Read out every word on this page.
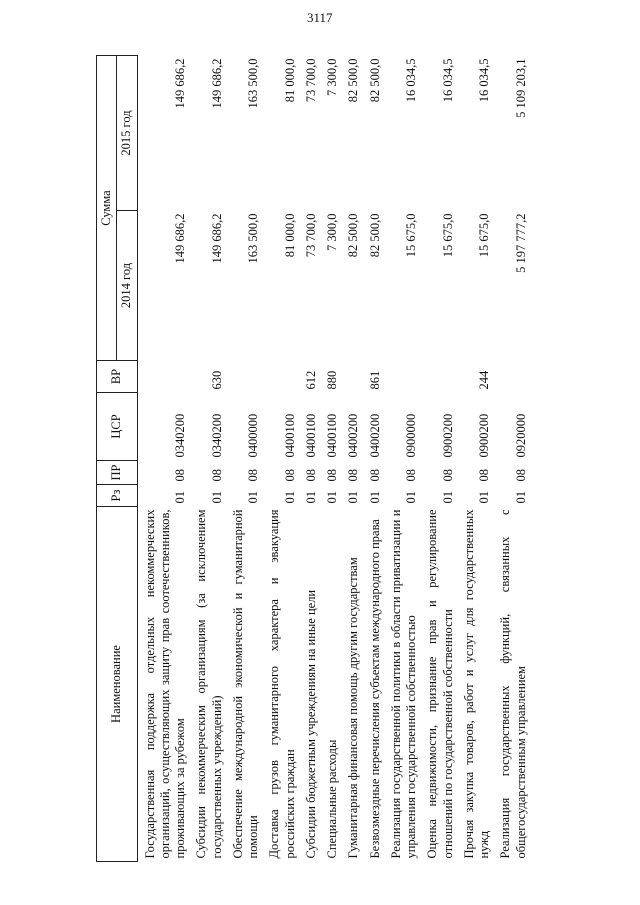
3117
Наименование	Рз	ПР	ЦСР	ВР	Сумма	
					2014 год	2015 год
Государственная поддержка отдельных некоммерческих организаций, осуществляющих защиту прав соотечественников, проживающих за рубежом	01	08	0340200		149 686,2	149 686,2
Субсидии некоммерческим организациям (за исключением государственных учреждений)	01	08	0340200	630	149 686,2	149 686,2
Обеспечение международной экономической и гуманитарной помощи	01	08	0400000		163 500,0	163 500,0
Доставка грузов гуманитарного характера и эвакуация российских граждан	01	08	0400100		81 000,0	81 000,0
Субсидии бюджетным учреждениям на иные цели	01	08	0400100	612	73 700,0	73 700,0
Специальные расходы	01	08	0400100	880	7 300,0	7 300,0
Гуманитарная финансовая помощь другим государствам	01	08	0400200		82 500,0	82 500,0
Безвозмездные перечисления субъектам международного права	01	08	0400200	861	82 500,0	82 500,0
Реализация государственной политики в области приватизации и управления государственной собственностью	01	08	0900000		15 675,0	16 034,5
Оценка недвижимости, признание прав и регулирование отношений по государственной собственности	01	08	0900200		15 675,0	16 034,5
Прочая закупка товаров, работ и услуг для государственных нужд	01	08	0900200	244	15 675,0	16 034,5
Реализация государственных функций, связанных с общегосударственным управлением	01	08	0920000		5 197 777,2	5 109 203,1
